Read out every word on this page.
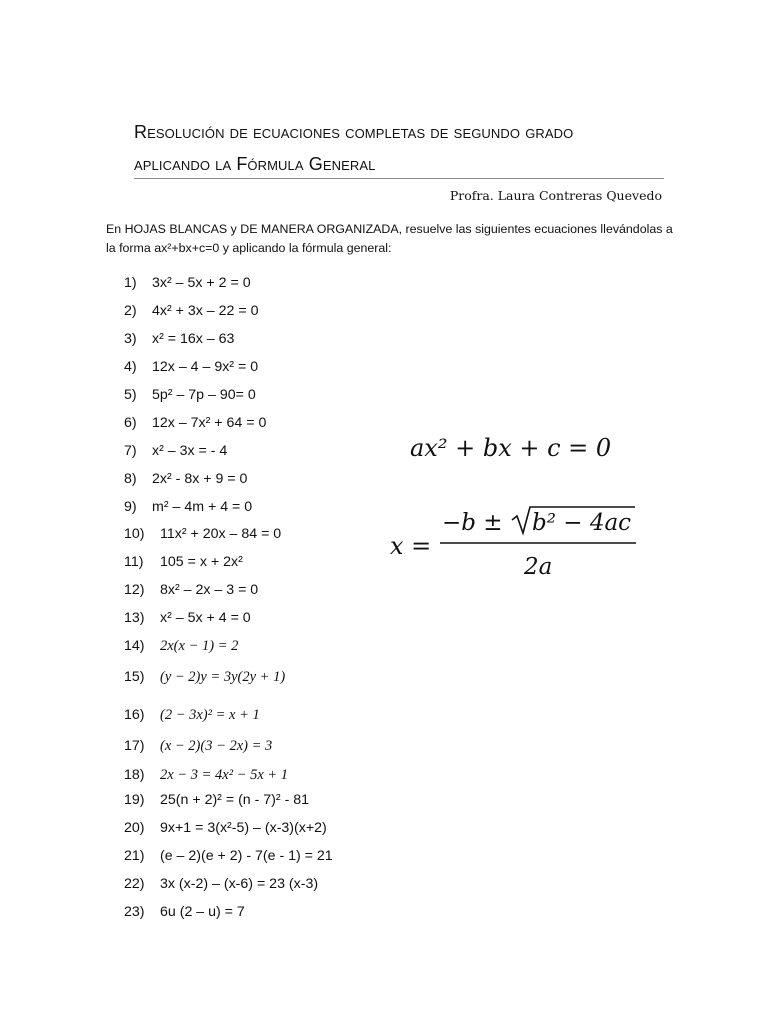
Resolución de ecuaciones completas de segundo grado
aplicando la Fórmula General
Profra. Laura Contreras Quevedo
En HOJAS BLANCAS y DE MANERA ORGANIZADA, resuelve las siguientes ecuaciones llevándolas a
la forma ax²+bx+c=0 y aplicando la fórmula general:
1) 3x² – 5x + 2 = 0
2) 4x² + 3x – 22 = 0
3) x² = 16x – 63
4) 12x – 4 – 9x² = 0
5) 5p² – 7p – 90= 0
6) 12x – 7x² + 64 = 0
7) x² – 3x = - 4
8) 2x² - 8x + 9 = 0
9) m² – 4m + 4 = 0
10) 11x² + 20x – 84 = 0
11) 105 = x + 2x²
12) 8x² – 2x – 3 = 0
13) x² – 5x + 4 = 0
14) 2x(x − 1) = 2
15) (y − 2)y = 3y(2y + 1)
16) (2 − 3x)² = x + 1
17) (x − 2)(3 − 2x) = 3
18) 2x − 3 = 4x² − 5x + 1
19) 25(n + 2)² = (n - 7)² - 81
20) 9x+1 = 3(x²-5) – (x-3)(x+2)
21) (e – 2)(e + 2) - 7(e - 1) = 21
22) 3x (x-2) – (x-6) = 23 (x-3)
23) 6u (2 – u) = 7
ax² + bx + c = 0
x =
−b ± b² − 4ac
2a
